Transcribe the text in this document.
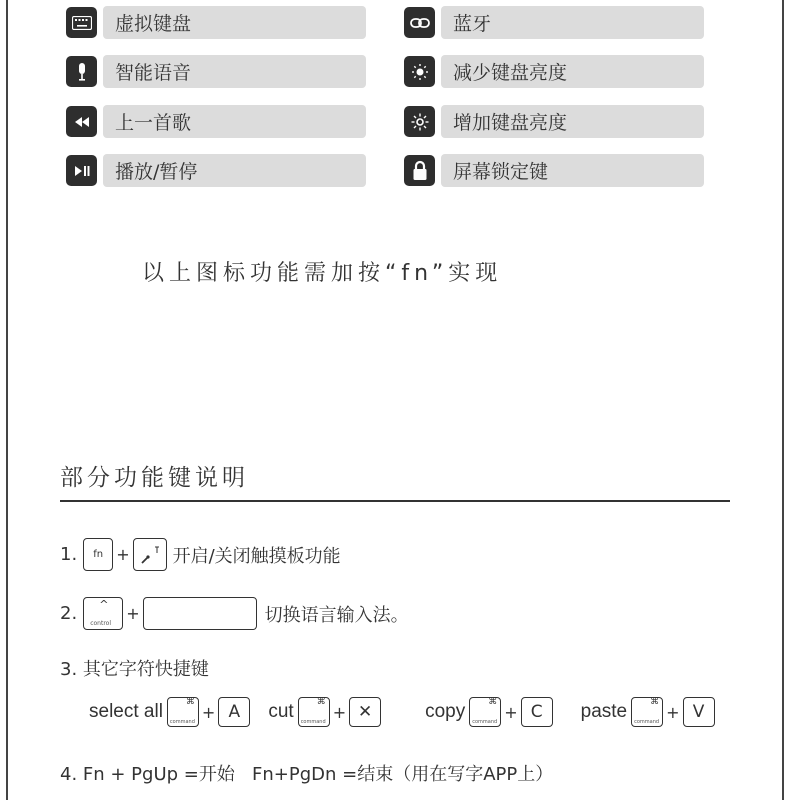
虚拟键盘	蓝牙
智能语音	减少键盘亮度
上一首歌	增加键盘亮度
播放/暂停	屏幕锁定键
以上图标功能需加按“fn”实现
部分功能键说明
1. fn + 开启/关闭触摸板功能
2. ^
control
+	切换语言输入法。
3. 其它字符快捷键
select all	⌘
command
+ A	cut	⌘
command
+ ✕	copy	⌘
command
+ C	paste	⌘
command
+ V
4. Fn + PgUp =开始   Fn+PgDn =结束（用在写字APP上）
